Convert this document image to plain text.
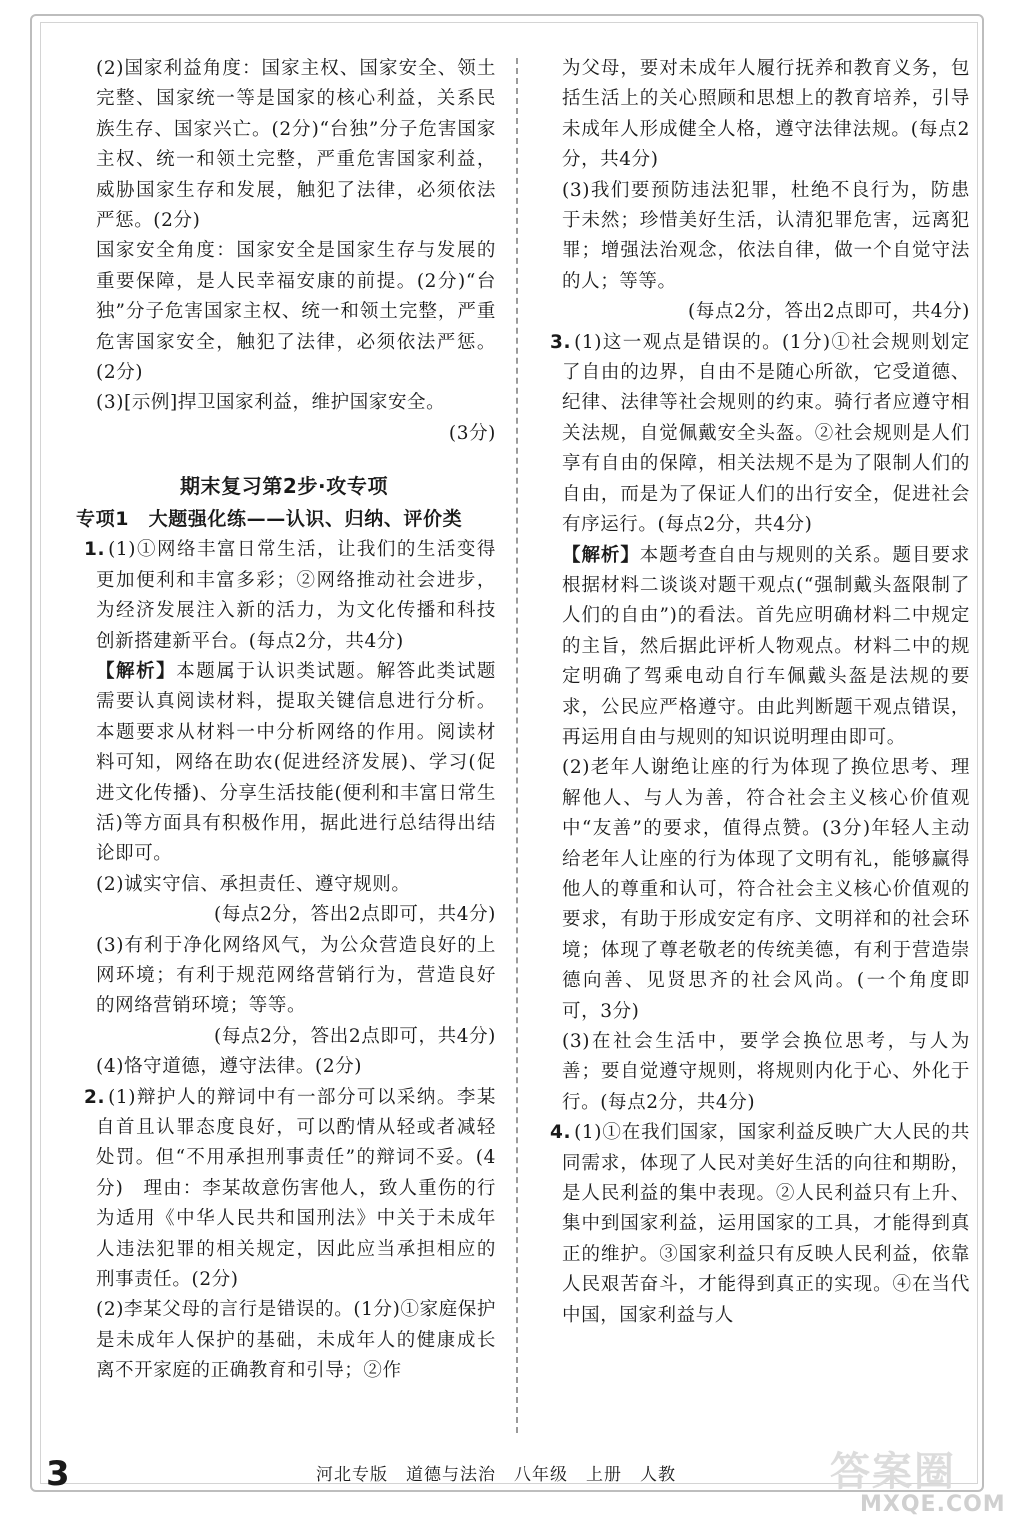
(2)国家利益角度：国家主权、国家安全、领土完整、国家统一等是国家的核心利益，关系民族生存、国家兴亡。(2分)“台独”分子危害国家主权、统一和领土完整，严重危害国家利益，威胁国家生存和发展，触犯了法律，必须依法严惩。(2分)

国家安全角度：国家安全是国家生存与发展的重要保障，是人民幸福安康的前提。(2分)“台独”分子危害国家主权、统一和领土完整，严重危害国家安全，触犯了法律，必须依法严惩。(2分)

(3)[示例]捍卫国家利益，维护国家安全。

(3分)

期末复习第2步·攻专项
专项1　大题强化练——认识、归纳、评价类

1. (1)①网络丰富日常生活，让我们的生活变得更加便利和丰富多彩；②网络推动社会进步，为经济发展注入新的活力，为文化传播和科技创新搭建新平台。(每点2分，共4分)

【解析】本题属于认识类试题。解答此类试题需要认真阅读材料，提取关键信息进行分析。本题要求从材料一中分析网络的作用。阅读材料可知，网络在助农(促进经济发展)、学习(促进文化传播)、分享生活技能(便利和丰富日常生活)等方面具有积极作用，据此进行总结得出结论即可。

(2)诚实守信、承担责任、遵守规则。

(每点2分，答出2点即可，共4分)

(3)有利于净化网络风气，为公众营造良好的上网环境；有利于规范网络营销行为，营造良好的网络营销环境；等等。

(每点2分，答出2点即可，共4分)

(4)恪守道德，遵守法律。(2分)

2. (1)辩护人的辩词中有一部分可以采纳。李某自首且认罪态度良好，可以酌情从轻或者减轻处罚。但“不用承担刑事责任”的辩词不妥。(4分)　理由：李某故意伤害他人，致人重伤的行为适用《中华人民共和国刑法》中关于未成年人违法犯罪的相关规定，因此应当承担相应的刑事责任。(2分)

(2)李某父母的言行是错误的。(1分)①家庭保护是未成年人保护的基础，未成年人的健康成长离不开家庭的正确教育和引导；②作

为父母，要对未成年人履行抚养和教育义务，包括生活上的关心照顾和思想上的教育培养，引导未成年人形成健全人格，遵守法律法规。(每点2分，共4分)

(3)我们要预防违法犯罪，杜绝不良行为，防患于未然；珍惜美好生活，认清犯罪危害，远离犯罪；增强法治观念，依法自律，做一个自觉守法的人；等等。

(每点2分，答出2点即可，共4分)

3. (1)这一观点是错误的。(1分)①社会规则划定了自由的边界，自由不是随心所欲，它受道德、纪律、法律等社会规则的约束。骑行者应遵守相关法规，自觉佩戴安全头盔。②社会规则是人们享有自由的保障，相关法规不是为了限制人们的自由，而是为了保证人们的出行安全，促进社会有序运行。(每点2分，共4分)

【解析】本题考查自由与规则的关系。题目要求根据材料二谈谈对题干观点(“强制戴头盔限制了人们的自由”)的看法。首先应明确材料二中规定的主旨，然后据此评析人物观点。材料二中的规定明确了驾乘电动自行车佩戴头盔是法规的要求，公民应严格遵守。由此判断题干观点错误，再运用自由与规则的知识说明理由即可。

(2)老年人谢绝让座的行为体现了换位思考、理解他人、与人为善，符合社会主义核心价值观中“友善”的要求，值得点赞。(3分)年轻人主动给老年人让座的行为体现了文明有礼，能够赢得他人的尊重和认可，符合社会主义核心价值观的要求，有助于形成安定有序、文明祥和的社会环境；体现了尊老敬老的传统美德，有利于营造崇德向善、见贤思齐的社会风尚。(一个角度即可，3分)

(3)在社会生活中，要学会换位思考，与人为善；要自觉遵守规则，将规则内化于心、外化于行。(每点2分，共4分)

4. (1)①在我们国家，国家利益反映广大人民的共同需求，体现了人民对美好生活的向往和期盼，是人民利益的集中表现。②人民利益只有上升、集中到国家利益，运用国家的工具，才能得到真正的维护。③国家利益只有反映人民利益，依靠人民艰苦奋斗，才能得到真正的实现。④在当代中国，国家利益与人

3	河北专版　道德与法治　八年级　上册　人教	答案圈
MXQE.COM
